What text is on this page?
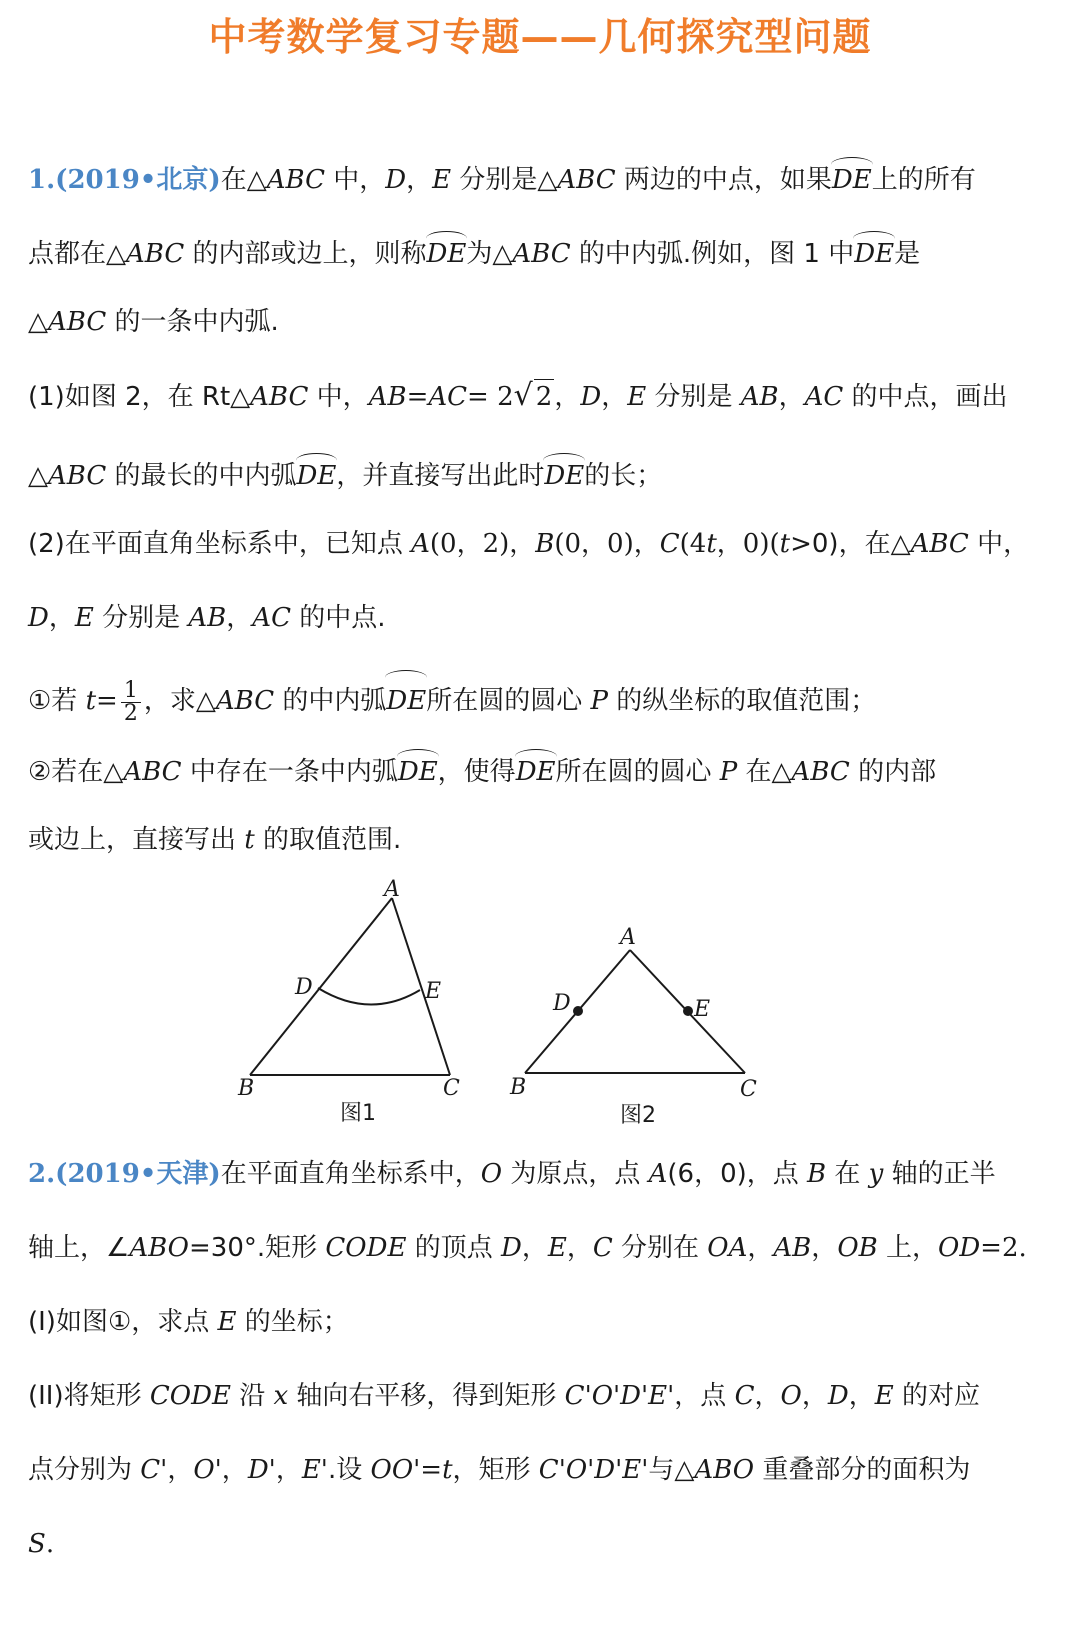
中考数学复习专题——几何探究型问题
1.(2019•北京)在△ABC 中，D，E 分别是△ABC 两边的中点，如果DE上的所有
点都在△ABC 的内部或边上，则称DE为△ABC 的中内弧.例如，图 1 中DE是
△ABC 的一条中内弧.
(1)如图 2，在 Rt△ABC 中，AB=AC= 2√ 2，D，E 分别是 AB，AC 的中点，画出
△ABC 的最长的中内弧DE，并直接写出此时DE的长；
(2)在平面直角坐标系中，已知点 A(0，2)，B(0，0)，C(4t，0)(t>0)，在△ABC 中，
D，E 分别是 AB，AC 的中点.
①若 $t= \frac{1}{2}$ ，求△ABC 的中内弧DE所在圆的圆心 P 的纵坐标的取值范围；
②若在△ABC 中存在一条中内弧DE，使得DE所在圆的圆心 P 在△ABC 的内部
或边上，直接写出 t 的取值范围.
A
B	C
D	E
图1
A
B	C
D	E
图2
2.(2019•天津)在平面直角坐标系中，O 为原点，点 A(6，0)，点 B 在 y 轴的正半
轴上，∠ABO=30°.矩形 CODE 的顶点 D，E，C 分别在 OA，AB，OB 上，OD=2.
(I)如图①，求点 E 的坐标；
(II)将矩形 CODE 沿 x 轴向右平移，得到矩形 C'O'D'E'，点 C，O，D，E 的对应
点分别为 C'，O'，D'，E'.设 OO'=t，矩形 C'O'D'E'与△ABO 重叠部分的面积为
S.
